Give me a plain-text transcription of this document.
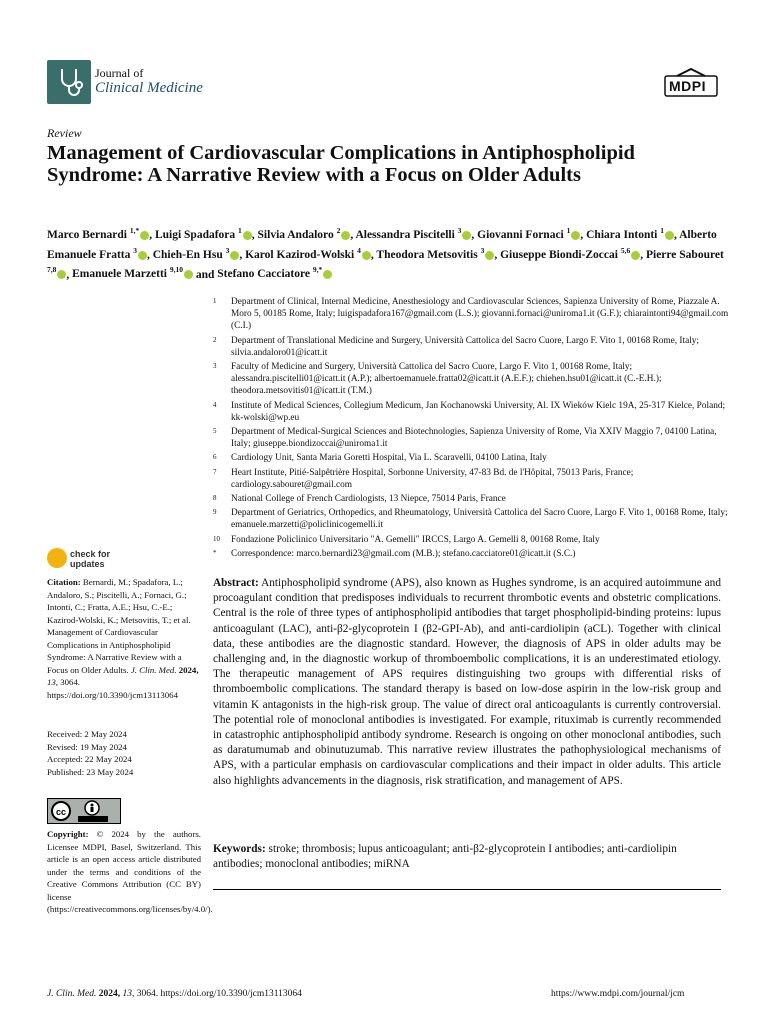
Journal of
Clinical Medicine	MDPI
Review
Management of Cardiovascular Complications in Antiphospholipid Syndrome: A Narrative Review with a Focus on Older Adults
Marco Bernardi $^{1,*}$ , Luigi Spadafora $^1$ , Silvia Andaloro $^2$ , Alessandra Piscitelli $^3$ , Giovanni Fornaci $^1$ , Chiara Intonti $^1$ , Alberto Emanuele Fratta $^3$ , Chieh-En Hsu $^3$ , Karol Kazirod-Wolski $^4$ , Theodora Metsovitis $^3$ , Giuseppe Biondi-Zoccai $^{5,6}$ , Pierre Sabouret $^{7,8}$ , Emanuele Marzetti $^{9,10}$ and Stefano Cacciatore $^{9,*}$
1	Department of Clinical, Internal Medicine, Anesthesiology and Cardiovascular Sciences, Sapienza University of Rome, Piazzale A. Moro 5, 00185 Rome, Italy; luigispadafora167@gmail.com (L.S.); giovanni.fornaci@uniroma1.it (G.F.); chiaraintonti94@gmail.com (C.I.)
2	Department of Translational Medicine and Surgery, Università Cattolica del Sacro Cuore, Largo F. Vito 1, 00168 Rome, Italy; silvia.andaloro01@icatt.it
3	Faculty of Medicine and Surgery, Università Cattolica del Sacro Cuore, Largo F. Vito 1, 00168 Rome, Italy; alessandra.piscitelli01@icatt.it (A.P.); albertoemanuele.fratta02@icatt.it (A.E.F.); chiehen.hsu01@icatt.it (C.-E.H.); theodora.metsovitis01@icatt.it (T.M.)
4	Institute of Medical Sciences, Collegium Medicum, Jan Kochanowski University, Al. IX Wieków Kielc 19A, 25-317 Kielce, Poland; kk-wolski@wp.eu
5	Department of Medical-Surgical Sciences and Biotechnologies, Sapienza University of Rome, Via XXIV Maggio 7, 04100 Latina, Italy; giuseppe.biondizoccai@uniroma1.it
6	Cardiology Unit, Santa Maria Goretti Hospital, Via L. Scaravelli, 04100 Latina, Italy
7	Heart Institute, Pitié-Salpêtrière Hospital, Sorbonne University, 47-83 Bd. de l'Hôpital, 75013 Paris, France; cardiology.sabouret@gmail.com
8	National College of French Cardiologists, 13 Niepce, 75014 Paris, France
9	Department of Geriatrics, Orthopedics, and Rheumatology, Università Cattolica del Sacro Cuore, Largo F. Vito 1, 00168 Rome, Italy; emanuele.marzetti@policlinicogemelli.it
10	Fondazione Policlinico Universitario "A. Gemelli" IRCCS, Largo A. Gemelli 8, 00168 Rome, Italy
*	Correspondence: marco.bernardi23@gmail.com (M.B.); stefano.cacciatore01@icatt.it (S.C.)
check for
updates
Citation: Bernardi, M.; Spadafora, L.; Andaloro, S.; Piscitelli, A.; Fornaci, G.; Intonti, C.; Fratta, A.E.; Hsu, C.-E.; Kazirod-Wolski, K.; Metsovitis, T.; et al. Management of Cardiovascular Complications in Antiphospholipid Syndrome: A Narrative Review with a Focus on Older Adults. J. Clin. Med. 2024, 13, 3064. https://doi.org/10.3390/jcm13113064
Received: 2 May 2024
Revised: 19 May 2024
Accepted: 22 May 2024
Published: 23 May 2024
cc
Copyright: © 2024 by the authors. Licensee MDPI, Basel, Switzerland. This article is an open access article distributed under the terms and conditions of the Creative Commons Attribution (CC BY) license (https://creativecommons.org/licenses/by/4.0/).
Abstract: Antiphospholipid syndrome (APS), also known as Hughes syndrome, is an acquired autoimmune and procoagulant condition that predisposes individuals to recurrent thrombotic events and obstetric complications. Central is the role of three types of antiphospholipid antibodies that target phospholipid-binding proteins: lupus anticoagulant (LAC), anti-β2-glycoprotein I (β2-GPI-Ab), and anti-cardiolipin (aCL). Together with clinical data, these antibodies are the diagnostic standard. However, the diagnosis of APS in older adults may be challenging and, in the diagnostic workup of thromboembolic complications, it is an underestimated etiology. The therapeutic management of APS requires distinguishing two groups with differential risks of thromboembolic complications. The standard therapy is based on low-dose aspirin in the low-risk group and vitamin K antagonists in the high-risk group. The value of direct oral anticoagulants is currently controversial. The potential role of monoclonal antibodies is investigated. For example, rituximab is currently recommended in catastrophic antiphospholipid antibody syndrome. Research is ongoing on other monoclonal antibodies, such as daratumumab and obinutuzumab. This narrative review illustrates the pathophysiological mechanisms of APS, with a particular emphasis on cardiovascular complications and their impact in older adults. This article also highlights advancements in the diagnosis, risk stratification, and management of APS.
Keywords: stroke; thrombosis; lupus anticoagulant; anti-β2-glycoprotein I antibodies; anti-cardiolipin antibodies; monoclonal antibodies; miRNA
J. Clin. Med. 2024, 13, 3064. https://doi.org/10.3390/jcm13113064	https://www.mdpi.com/journal/jcm
